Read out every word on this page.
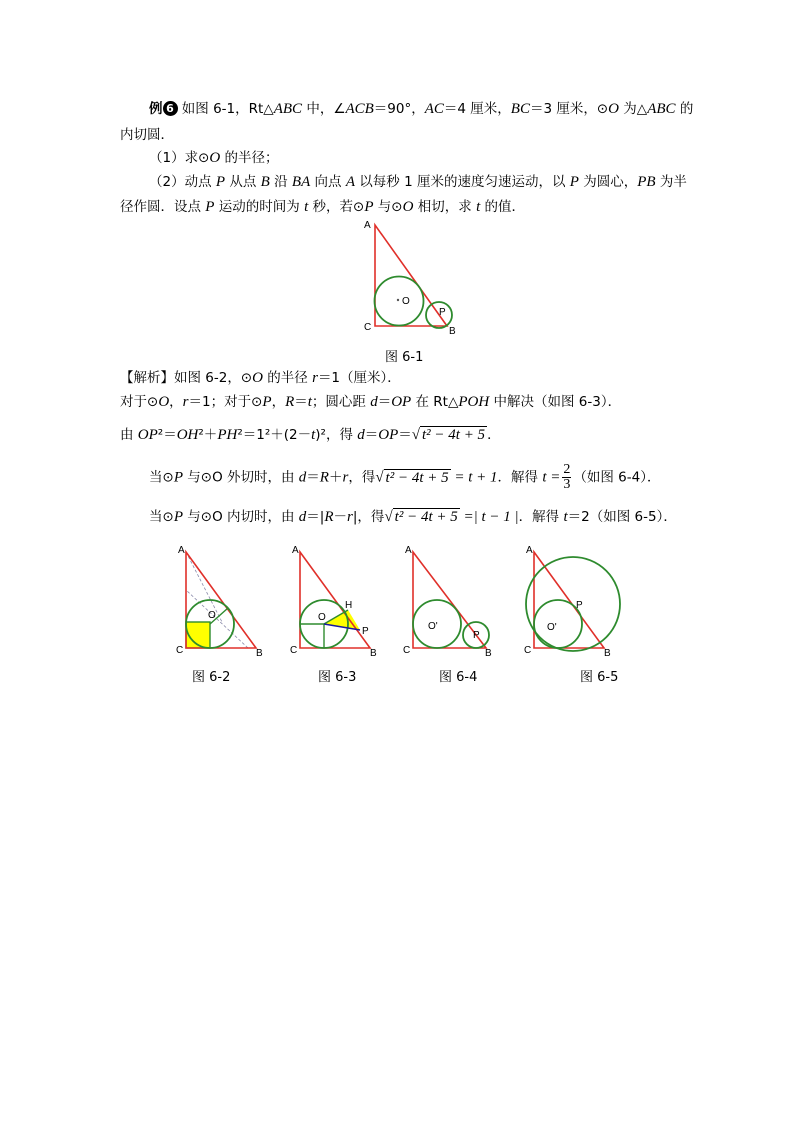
例 6 如图 6-1，Rt△ABC 中，∠ACB＝90°，AC＝4 厘米，BC＝3 厘米，⊙O 为△ABC 的
内切圆．
（1）求⊙O 的半径；
（2）动点 P 从点 B 沿 BA 向点 A 以每秒 1 厘米的速度匀速运动，以 P 为圆心，PB 为半
径作圆．设点 P 运动的时间为 t 秒，若⊙P 与⊙O 相切，求 t 的值．
A
C	B
O
P
图 6-1
【解析】如图 6-2，⊙O 的半径 r＝1（厘米）．
对于⊙O，r＝1；对于⊙P，R＝t；圆心距 d＝OP 在 Rt△POH 中解决（如图 6-3）．
由 OP²＝OH²＋PH²＝1²＋(2－t)²，得 d＝OP＝√ t² − 4t + 5 ．
当⊙P 与⊙O 外切时，由 d＝R＋r，得√ t² − 4t + 5 = t + 1．解得 $t = \frac{2}{3}$ （如图 6-4）．
当⊙P 与⊙O 内切时，由 d＝|R－r|，得√ t² − 4t + 5 =| t − 1 |．解得 t＝2（如图 6-5）．
A
C	B
O
图 6-2
A
C	B
O
H
P
图 6-3
A
C	B
O'
P
图 6-4
A
C	B
O'
P
图 6-5
